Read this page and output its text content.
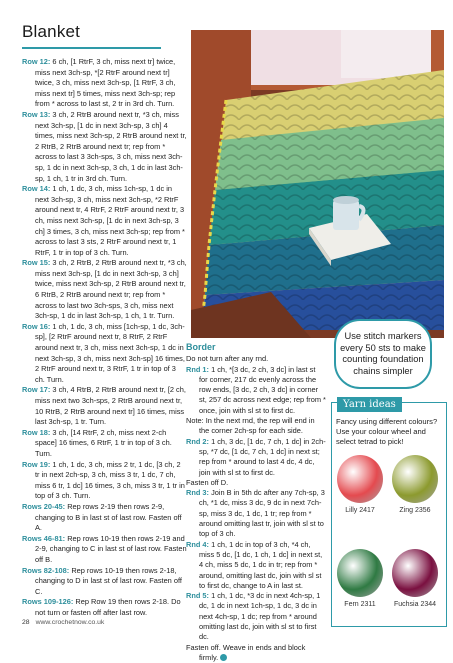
Blanket

Row 12: 6 ch, [1 RtrF, 3 ch, miss next tr] twice, miss next 3ch-sp, *[2 RtrF around next tr] twice, 3 ch, miss next 3ch-sp, [1 RtrF, 3 ch, miss next tr] 5 times, miss next 3ch-sp; rep from * across to last st, 2 tr in 3rd ch. Turn.

Row 13: 3 ch, 2 RtrB around next tr, *3 ch, miss next 3ch-sp, [1 dc in next 3ch-sp, 3 ch] 4 times, miss next 3ch-sp, 2 RtrB around next tr, 2 RtrB, 2 RtrB around next tr; rep from * across to last 3 3ch-sps, 3 ch, miss next 3ch-sp, 1 dc in next 3ch-sp, 3 ch, 1 dc in last 3ch-sp, 1 ch, 1 tr in 3rd ch. Turn.

Row 14: 1 ch, 1 dc, 3 ch, miss 1ch-sp, 1 dc in next 3ch-sp, 3 ch, miss next 3ch-sp, *2 RtrF around next tr, 4 RtrF, 2 RtrF around next tr, 3 ch, miss next 3ch-sp, [1 dc in next 3ch-sp, 3 ch] 3 times, 3 ch, miss next 3ch-sp; rep from * across to last 3 sts, 2 RtrF around next tr, 1 RtrF, 1 tr in top of 3 ch. Turn.

Row 15: 3 ch, 2 RtrB, 2 RtrB around next tr, *3 ch, miss next 3ch-sp, [1 dc in next 3ch-sp, 3 ch] twice, miss next 3ch-sp, 2 RtrB around next tr, 6 RtrB, 2 RtrB around next tr; rep from * across to last two 3ch-sps, 3 ch, miss next 3ch-sp, 1 dc in last 3ch-sp, 1 ch, 1 tr. Turn.

Row 16: 1 ch, 1 dc, 3 ch, miss [1ch-sp, 1 dc, 3ch-sp], [2 RtrF around next tr, 8 RtrF, 2 RtrF around next tr, 3 ch, miss next 3ch-sp, 1 dc in next 3ch-sp, 3 ch, miss next 3ch-sp] 16 times, 2 RtrF around next tr, 3 RtrF, 1 tr in top of 3 ch. Turn.

Row 17: 3 ch, 4 RtrB, 2 RtrB around next tr, [2 ch, miss next two 3ch-sps, 2 RtrB around next tr, 10 RtrB, 2 RtrB around next tr] 16 times, miss last 3ch-sp, 1 tr. Turn.

Row 18: 3 ch, [14 RtrF, 2 ch, miss next 2-ch space] 16 times, 6 RtrF, 1 tr in top of 3 ch. Turn.

Row 19: 1 ch, 1 dc, 3 ch, miss 2 tr, 1 dc, [3 ch, 2 tr in next 2ch-sp, 3 ch, miss 3 tr, 1 dc, 7 ch, miss 6 tr, 1 dc] 16 times, 3 ch, miss 3 tr, 1 tr in top of 3 ch. Turn.

Rows 20-45: Rep rows 2-19 then rows 2-9, changing to B in last st of last row. Fasten off A.

Rows 46-81: Rep rows 10-19 then rows 2-19 and 2-9, changing to C in last st of last row. Fasten off B.

Rows 82-108: Rep rows 10-19 then rows 2-18, changing to D in last st of last row. Fasten off C.

Rows 109-126: Rep Row 19 then rows 2-18. Do not turn or fasten off after last row.

Border

Do not turn after any rnd.

Rnd 1: 1 ch, *[3 dc, 2 ch, 3 dc] in last st for corner, 217 dc evenly across the row ends, [3 dc, 2 ch, 3 dc] in corner st, 257 dc across next edge; rep from * once, join with sl st to first dc.

Note: In the next rnd, the rep will end in the corner 2ch-sp for each side.

Rnd 2: 1 ch, 3 dc, [1 dc, 7 ch, 1 dc] in 2ch-sp, *7 dc, [1 dc, 7 ch, 1 dc] in next st; rep from * around to last 4 dc, 4 dc, join with sl st to first dc.

Fasten off D.

Rnd 3: Join B in 5th dc after any 7ch-sp, 3 ch, *1 dc, miss 3 dc, 9 dc in next 7ch-sp, miss 3 dc, 1 dc, 1 tr; rep from * around omitting last tr, join with sl st to top of 3 ch.

Rnd 4: 1 ch, 1 dc in top of 3 ch, *4 ch, miss 5 dc, [1 dc, 1 ch, 1 dc] in next st, 4 ch, miss 5 dc, 1 dc in tr; rep from * around, omitting last dc, join with sl st to first dc, change to A in last st.

Rnd 5: 1 ch, 1 dc, *3 dc in next 4ch-sp, 1 dc, 1 dc in next 1ch-sp, 1 dc, 3 dc in next 4ch-sp, 1 dc; rep from * around omitting last dc, join with sl st to first dc.

Fasten off. Weave in ends and block firmly.

Use stitch markers every 50 sts to make counting foundation chains simpler
Yarn ideas
Fancy using different colours? Use your colour wheel and select tetrad to pick!
Lilly 2417	Zing 2356
Fern 2311	Fuchsia 2344
28 www.crochetnow.co.uk
